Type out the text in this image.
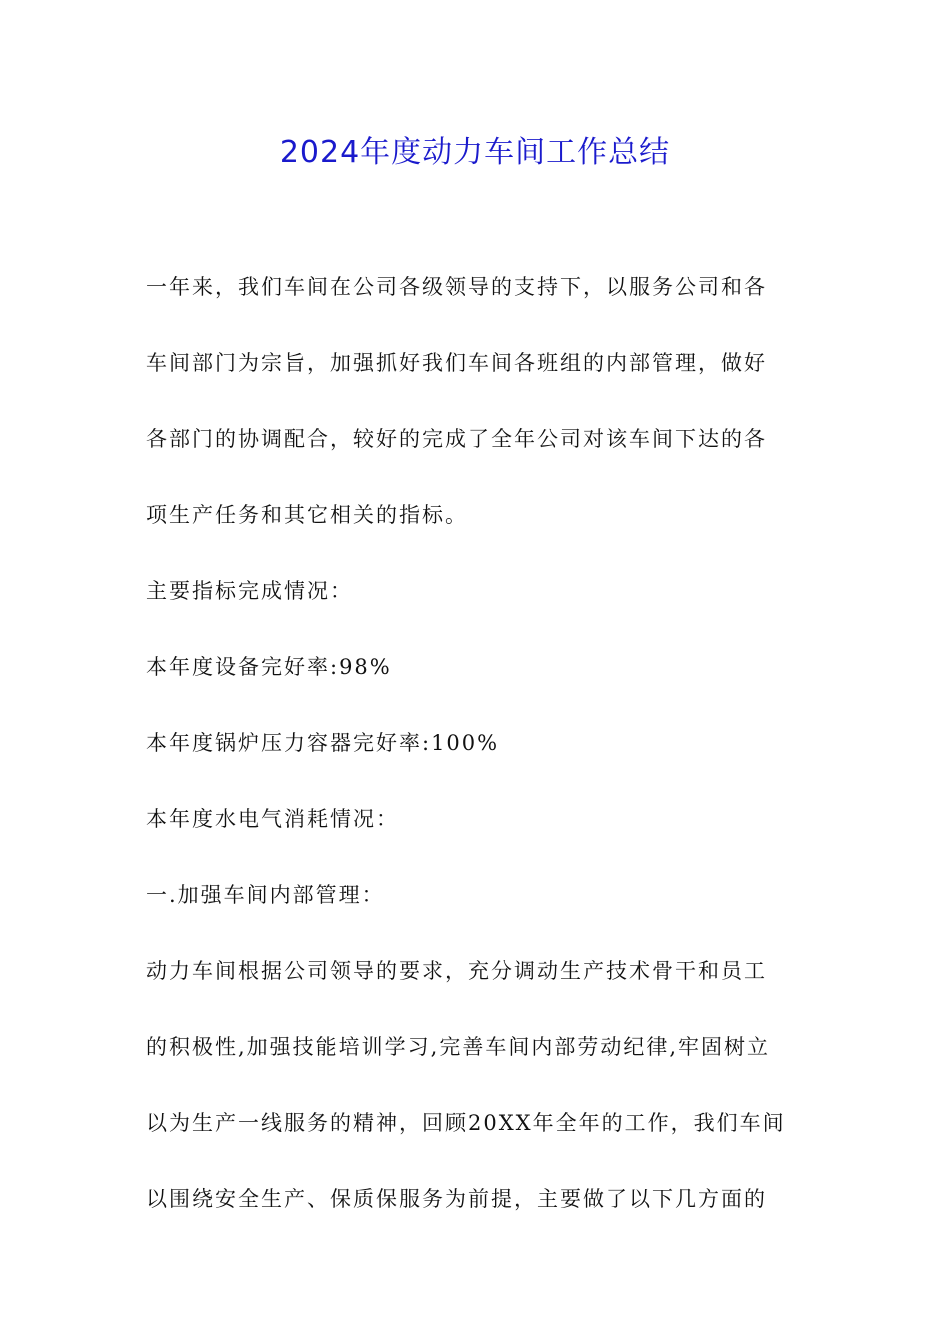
2024年度动力车间工作总结
一年来，我们车间在公司各级领导的支持下，以服务公司和各
车间部门为宗旨，加强抓好我们车间各班组的内部管理，做好
各部门的协调配合，较好的完成了全年公司对该车间下达的各
项生产任务和其它相关的指标。
主要指标完成情况：
本年度设备完好率:98%
本年度锅炉压力容器完好率:100%
本年度水电气消耗情况：
一.加强车间内部管理：
动力车间根据公司领导的要求，充分调动生产技术骨干和员工
的积极性,加强技能培训学习,完善车间内部劳动纪律,牢固树立
以为生产一线服务的精神，回顾20XX年全年的工作，我们车间
以围绕安全生产、保质保服务为前提，主要做了以下几方面的
